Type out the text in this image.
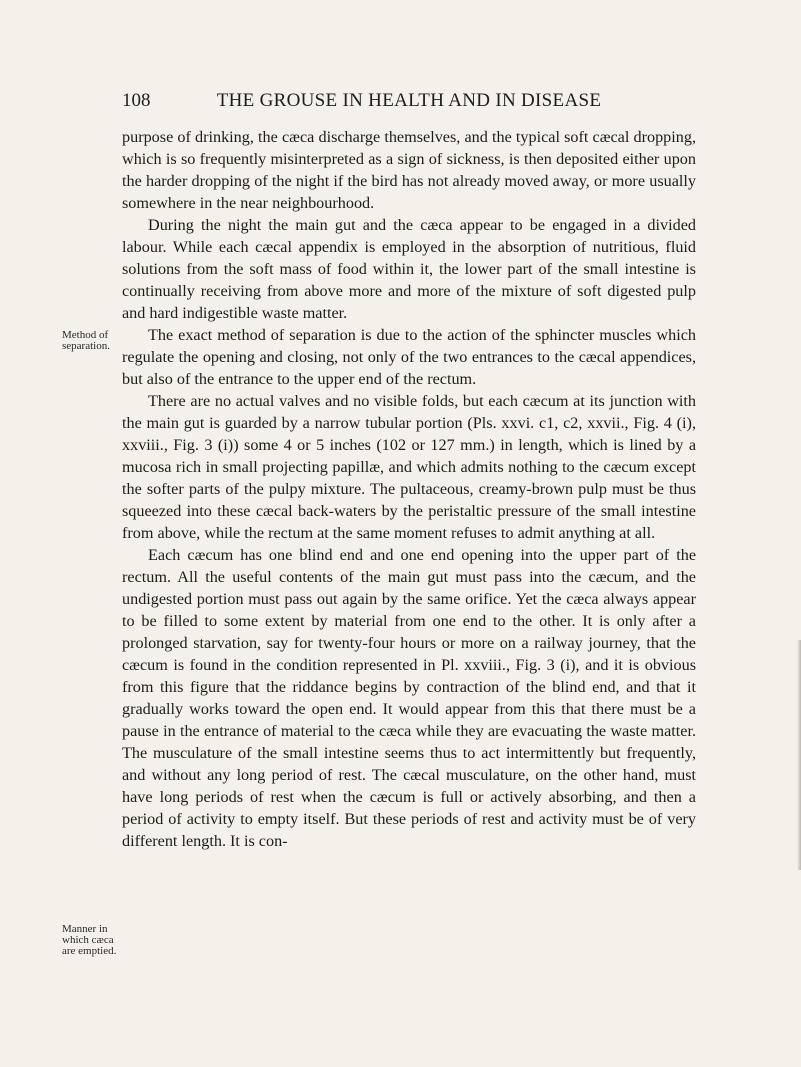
108	THE GROUSE IN HEALTH AND IN DISEASE
Method of separation.
Manner in which cæca are emptied.

purpose of drinking, the cæca discharge themselves, and the typical soft cæcal dropping, which is so frequently misinterpreted as a sign of sickness, is then deposited either upon the harder dropping of the night if the bird has not already moved away, or more usually somewhere in the near neighbourhood.

During the night the main gut and the cæca appear to be engaged in a divided labour. While each cæcal appendix is employed in the absorption of nutritious, fluid solutions from the soft mass of food within it, the lower part of the small intestine is continually receiving from above more and more of the mixture of soft digested pulp and hard indigestible waste matter.

The exact method of separation is due to the action of the sphincter muscles which regulate the opening and closing, not only of the two entrances to the cæcal appendices, but also of the entrance to the upper end of the rectum.

There are no actual valves and no visible folds, but each cæcum at its junction with the main gut is guarded by a narrow tubular portion (Pls. xxvi. c1, c2, xxvii., Fig. 4 (i), xxviii., Fig. 3 (i)) some 4 or 5 inches (102 or 127 mm.) in length, which is lined by a mucosa rich in small projecting papillæ, and which admits nothing to the cæcum except the softer parts of the pulpy mixture. The pultaceous, creamy-brown pulp must be thus squeezed into these cæcal back-waters by the peristaltic pressure of the small intestine from above, while the rectum at the same moment refuses to admit anything at all.

Each cæcum has one blind end and one end opening into the upper part of the rectum. All the useful contents of the main gut must pass into the cæcum, and the undigested portion must pass out again by the same orifice. Yet the cæca always appear to be filled to some extent by material from one end to the other. It is only after a prolonged starvation, say for twenty-four hours or more on a railway journey, that the cæcum is found in the condition represented in Pl. xxviii., Fig. 3 (i), and it is obvious from this figure that the riddance begins by contraction of the blind end, and that it gradually works toward the open end. It would appear from this that there must be a pause in the entrance of material to the cæca while they are evacuating the waste matter. The musculature of the small intestine seems thus to act intermittently but frequently, and without any long period of rest. The cæcal musculature, on the other hand, must have long periods of rest when the cæcum is full or actively absorbing, and then a period of activity to empty itself. But these periods of rest and activity must be of very different length. It is con-
